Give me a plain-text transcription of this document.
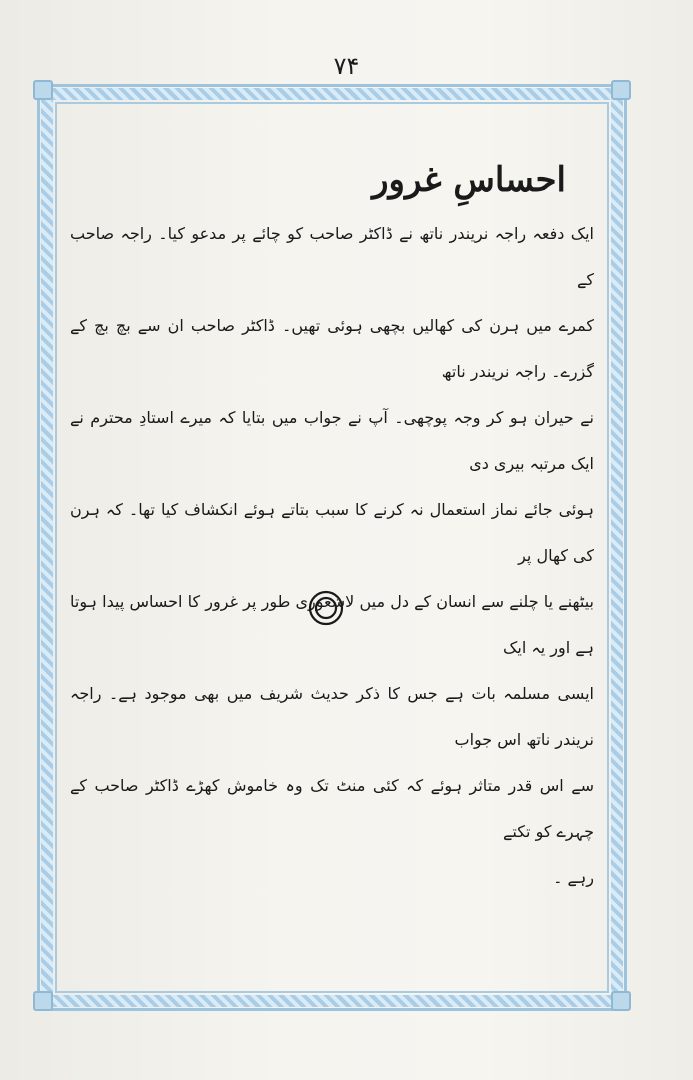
۷۴
احساسِ غرور

ایک دفعہ راجہ نریندر ناتھ نے ڈاکٹر صاحب کو چائے پر مدعو کیا۔ راجہ صاحب کے
کمرے میں ہرن کی کھالیں بچھی ہوئی تھیں۔ ڈاکٹر صاحب ان سے بچ بچ کے گزرے۔ راجہ نریندر ناتھ
نے حیران ہو کر وجہ پوچھی۔ آپ نے جواب میں بتایا کہ میرے استادِ محترم نے ایک مرتبہ بیری دی
ہوئی جائے نماز استعمال نہ کرنے کا سبب بتاتے ہوئے انکشاف کیا تھا۔ کہ ہرن کی کھال پر
بیٹھنے یا چلنے سے انسان کے دل میں لاشعوری طور پر غرور کا احساس پیدا ہوتا ہے اور یہ ایک
ایسی مسلمہ بات ہے جس کا ذکر حدیث شریف میں بھی موجود ہے۔ راجہ نریندر ناتھ اس جواب
سے اس قدر متاثر ہوئے کہ کئی منٹ تک وہ خاموش کھڑے ڈاکٹر صاحب کے چہرے کو تکتے
رہے ۔
